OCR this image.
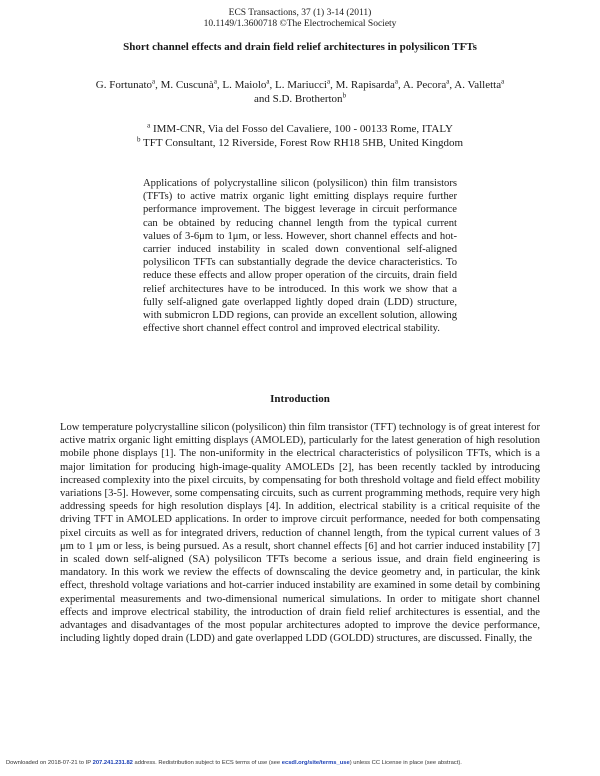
ECS Transactions, 37 (1) 3-14 (2011)
10.1149/1.3600718 ©The Electrochemical Society
Short channel effects and drain field relief architectures in polysilicon TFTs
G. Fortunato$^a$, M. Cuscunà$^a$, L. Maiolo$^a$, L. Mariucci$^a$, M. Rapisarda$^a$, A. Pecora$^a$, A. Valletta$^a$ and S.D. Brotherton$^b$
$^a$ IMM-CNR, Via del Fosso del Cavaliere, 100 - 00133 Rome, ITALY
$^b$ TFT Consultant, 12 Riverside, Forest Row RH18 5HB, United Kingdom
Applications of polycrystalline silicon (polysilicon) thin film transistors (TFTs) to active matrix organic light emitting displays require further performance improvement. The biggest leverage in circuit performance can be obtained by reducing channel length from the typical current values of 3-6μm to 1μm, or less. However, short channel effects and hot-carrier induced instability in scaled down conventional self-aligned polysilicon TFTs can substantially degrade the device characteristics. To reduce these effects and allow proper operation of the circuits, drain field relief architectures have to be introduced. In this work we show that a fully self-aligned gate overlapped lightly doped drain (LDD) structure, with submicron LDD regions, can provide an excellent solution, allowing effective short channel effect control and improved electrical stability.
Introduction
Low temperature polycrystalline silicon (polysilicon) thin film transistor (TFT) technology is of great interest for active matrix organic light emitting displays (AMOLED), particularly for the latest generation of high resolution mobile phone displays [1]. The non-uniformity in the electrical characteristics of polysilicon TFTs, which is a major limitation for producing high-image-quality AMOLEDs [2], has been recently tackled by introducing increased complexity into the pixel circuits, by compensating for both threshold voltage and field effect mobility variations [3-5]. However, some compensating circuits, such as current programming methods, require very high addressing speeds for high resolution displays [4]. In addition, electrical stability is a critical requisite of the driving TFT in AMOLED applications. In order to improve circuit performance, needed for both compensating pixel circuits as well as for integrated drivers, reduction of channel length, from the typical current values of 3 μm to 1 μm or less, is being pursued. As a result, short channel effects [6] and hot carrier induced instability [7] in scaled down self-aligned (SA) polysilicon TFTs become a serious issue, and drain field engineering is mandatory. In this work we review the effects of downscaling the device geometry and, in particular, the kink effect, threshold voltage variations and hot-carrier induced instability are examined in some detail by combining experimental measurements and two-dimensional numerical simulations. In order to mitigate short channel effects and improve electrical stability, the introduction of drain field relief architectures is essential, and the advantages and disadvantages of the most popular architectures adopted to improve the device performance, including lightly doped drain (LDD) and gate overlapped LDD (GOLDD) structures, are discussed. Finally, the
Downloaded on 2018-07-21 to IP 207.241.231.82 address. Redistribution subject to ECS terms of use (see ecsdl.org/site/terms_use) unless CC License in place (see abstract).
